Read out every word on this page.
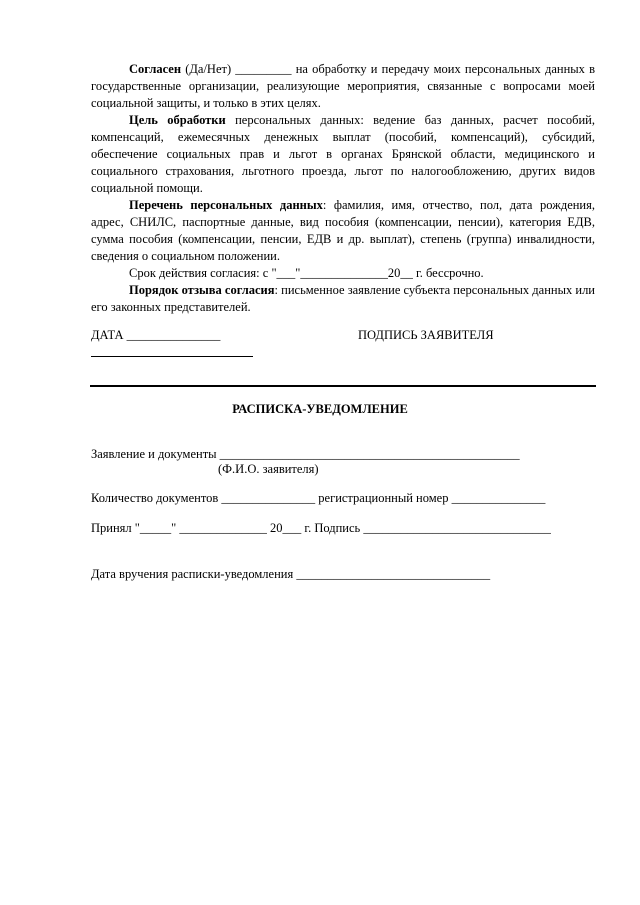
Согласен (Да/Нет) _________ на обработку и передачу моих персональных данных в государственные организации, реализующие мероприятия, связанные с вопросами моей социальной защиты, и только в этих целях.

Цель обработки персональных данных: ведение баз данных, расчет пособий, компенсаций, ежемесячных денежных выплат (пособий, компенсаций), субсидий, обеспечение социальных прав и льгот в органах Брянской области, медицинского и социального страхования, льготного проезда, льгот по налогообложению, других видов социальной помощи.

Перечень персональных данных: фамилия, имя, отчество, пол, дата рождения, адрес, СНИЛС, паспортные данные, вид пособия (компенсации, пенсии), категория ЕДВ, сумма пособия (компенсации, пенсии, ЕДВ и др. выплат), степень (группа) инвалидности, сведения о социальном положении.

Срок действия согласия: с "___"______________20__ г. бессрочно.

Порядок отзыва согласия: письменное заявление субъекта персональных данных или его законных представителей.

ДАТА _______________	ПОДПИСЬ ЗАЯВИТЕЛЯ
РАСПИСКА-УВЕДОМЛЕНИЕ
Заявление и документы ________________________________________________
(Ф.И.О. заявителя)
Количество документов _______________ регистрационный номер _______________
Принял "_____" ______________ 20___ г. Подпись ______________________________
Дата вручения расписки-уведомления _______________________________
